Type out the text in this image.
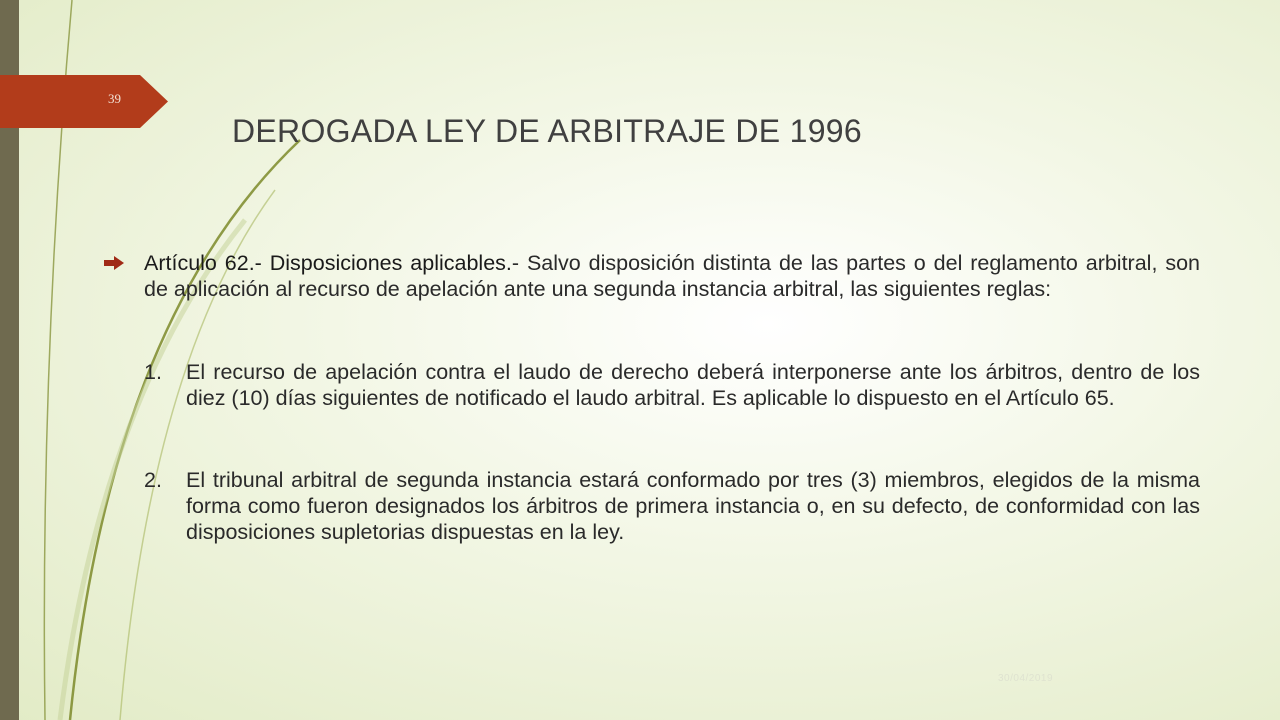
39
DEROGADA LEY DE ARBITRAJE DE 1996
Artículo 62.- Disposiciones aplicables.- Salvo disposición distinta de las partes o del reglamento arbitral, son de aplicación al recurso de apelación ante una segunda instancia arbitral, las siguientes reglas:
1. El recurso de apelación contra el laudo de derecho deberá interponerse ante los árbitros, dentro de los diez (10) días siguientes de notificado el laudo arbitral. Es aplicable lo dispuesto en el Artículo 65.
2. El tribunal arbitral de segunda instancia estará conformado por tres (3) miembros, elegidos de la misma forma como fueron designados los árbitros de primera instancia o, en su defecto, de conformidad con las disposiciones supletorias dispuestas en la ley.
30/04/2019
